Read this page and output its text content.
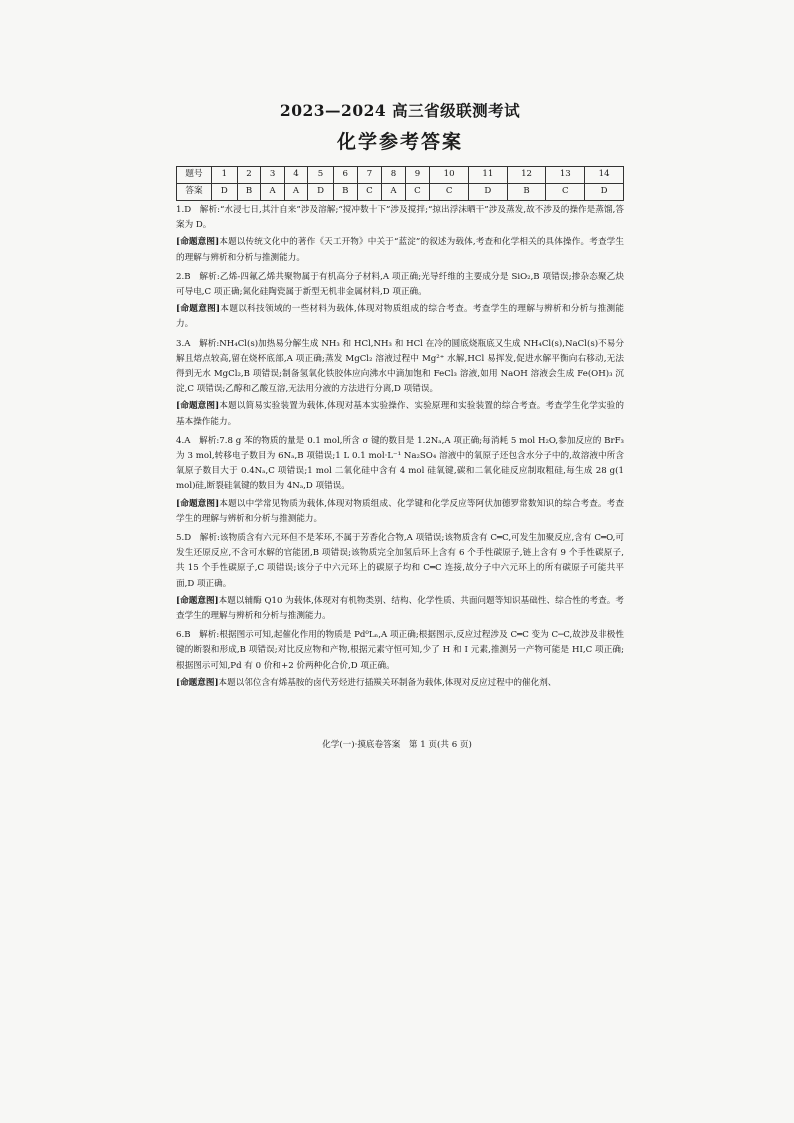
2023—2024 高三省级联测考试
化学参考答案
题号	1	2	3	4	5	6	7	8	9	10	11	12	13	14
答案	D	B	A	A	D	B	C	A	C	C	D	B	C	D

1.D　 解析:“水浸七日,其汁自来”涉及溶解;“搅冲数十下”涉及搅拌;“掠出浮沫晒干”涉及蒸发,故不涉及的操作是蒸馏,答案为 D。

[命题意图]本题以传统文化中的著作《天工开物》中关于“蓝淀”的叙述为载体,考查和化学相关的具体操作。考查学生的理解与辨析和分析与推测能力。

2.B　 解析:乙烯-四氟乙烯共聚物属于有机高分子材料,A 项正确;光导纤维的主要成分是 SiO₂,B 项错误;掺杂态聚乙炔可导电,C 项正确;氮化硅陶瓷属于新型无机非金属材料,D 项正确。

[命题意图]本题以科技领域的一些材料为载体,体现对物质组成的综合考查。考查学生的理解与辨析和分析与推测能力。

3.A　 解析:NH₄Cl(s)加热易分解生成 NH₃ 和 HCl,NH₃ 和 HCl 在冷的圆底烧瓶底又生成 NH₄Cl(s),NaCl(s)不易分解且熔点较高,留在烧杯底部,A 项正确;蒸发 MgCl₂ 溶液过程中 Mg²⁺ 水解,HCl 易挥发,促进水解平衡向右移动,无法得到无水 MgCl₂,B 项错误;制备氢氧化铁胶体应向沸水中滴加饱和 FeCl₃ 溶液,如用 NaOH 溶液会生成 Fe(OH)₃ 沉淀,C 项错误;乙醇和乙酸互溶,无法用分液的方法进行分离,D 项错误。

[命题意图]本题以简易实验装置为载体,体现对基本实验操作、实验原理和实验装置的综合考查。考查学生化学实验的基本操作能力。

4.A　 解析:7.8 g 苯的物质的量是 0.1 mol,所含 σ 键的数目是 1.2Nₐ,A 项正确;每消耗 5 mol H₂O,参加反应的 BrF₃ 为 3 mol,转移电子数目为 6Nₐ,B 项错误;1 L 0.1 mol·L⁻¹ Na₂SO₄ 溶液中的氧原子还包含水分子中的,故溶液中所含氧原子数目大于 0.4Nₐ,C 项错误;1 mol 二氧化硅中含有 4 mol 硅氧键,碳和二氧化硅反应制取粗硅,每生成 28 g(1 mol)硅,断裂硅氧键的数目为 4Nₐ,D 项错误。

[命题意图]本题以中学常见物质为载体,体现对物质组成、化学键和化学反应等阿伏加德罗常数知识的综合考查。考查学生的理解与辨析和分析与推测能力。

5.D　 解析:该物质含有六元环但不是苯环,不属于芳香化合物,A 项错误;该物质含有 C═C,可发生加聚反应,含有 C═O,可发生还原反应,不含可水解的官能团,B 项错误;该物质完全加氢后环上含有 6 个手性碳原子,链上含有 9 个手性碳原子,共 15 个手性碳原子,C 项错误;该分子中六元环上的碳原子均和 C═C 连接,故分子中六元环上的所有碳原子可能共平面,D 项正确。

[命题意图]本题以辅酶 Q10 为载体,体现对有机物类别、结构、化学性质、共面问题等知识基础性、综合性的考查。考查学生的理解与辨析和分析与推测能力。

6.B　 解析:根据图示可知,起催化作用的物质是 Pd⁰Lₙ,A 项正确;根据图示,反应过程涉及 C═C 变为 C─C,故涉及非极性键的断裂和形成,B 项错误;对比反应物和产物,根据元素守恒可知,少了 H 和 I 元素,推测另一产物可能是 HI,C 项正确;根据图示可知,Pd 有 0 价和+2 价两种化合价,D 项正确。

[命题意图]本题以邻位含有烯基胺的卤代芳烃进行插羰关环制备为载体,体现对反应过程中的催化剂、

化学(一)·摸底卷答案　第 1 页(共 6 页)
